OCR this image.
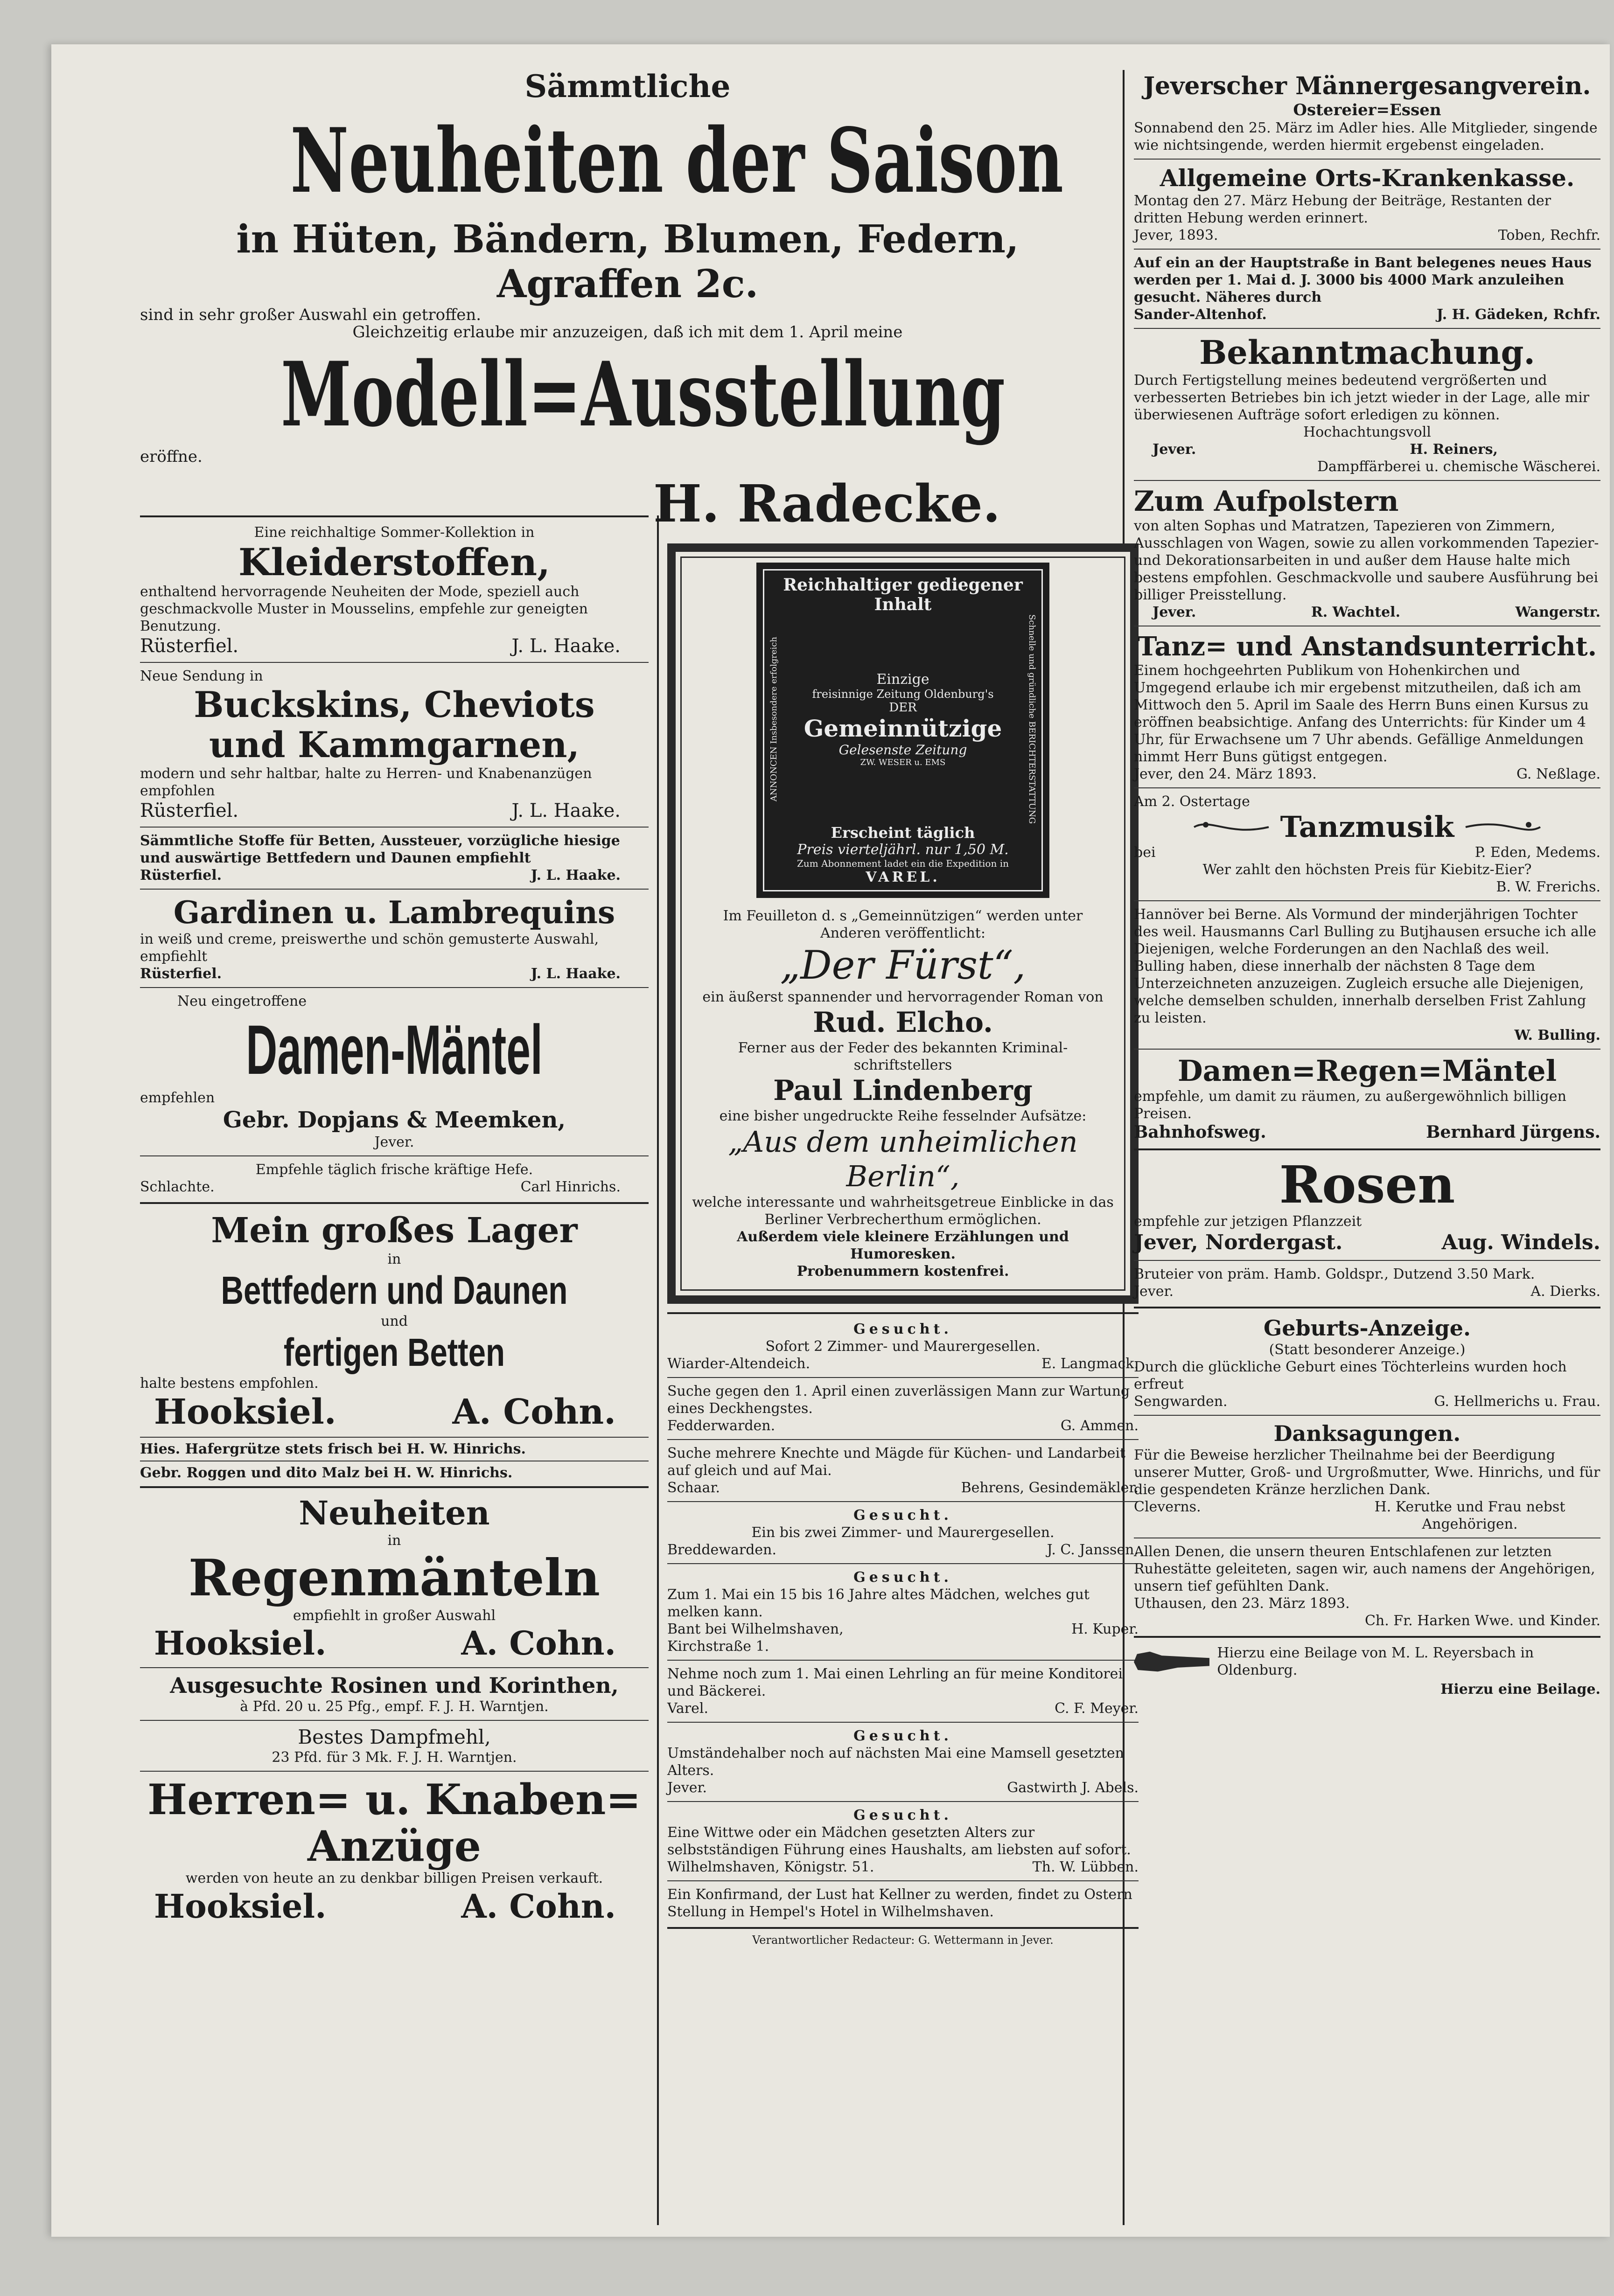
Sämmtliche
Neuheiten der Saison
in Hüten, Bändern, Blumen, Federn, Agraffen 2c.
sind in sehr großer Auswahl ein getroffen.
Gleichzeitig erlaube mir anzuzeigen, daß ich mit dem 1. April meine
Modell=Ausstellung
eröffne.
H. Radecke.
Eine reichhaltige Sommer-Kollektion in
Kleiderstoffen,
enthaltend hervorragende Neuheiten der Mode, speziell auch geschmackvolle Muster in Mousselins, empfehle zur geneigten Benutzung.
Rüsterfiel.	J. L. Haake.
Neue Sendung in
Buckskins, Cheviots
und Kammgarnen,
modern und sehr haltbar, halte zu Herren- und Knabenanzügen empfohlen
Rüsterfiel.	J. L. Haake.
Sämmtliche Stoffe für Betten, Aussteuer, vorzügliche hiesige und auswärtige Bettfedern und Daunen empfiehlt
Rüsterfiel.	J. L. Haake.
Gardinen u. Lambrequins
in weiß und creme, preiswerthe und schön gemusterte Auswahl, empfiehlt
Rüsterfiel.	J. L. Haake.
Neu eingetroffene
Damen-Mäntel
empfehlen
Gebr. Dopjans & Meemken,
Jever.
Empfehle täglich frische kräftige Hefe.
Schlachte.	Carl Hinrichs.
Mein großes Lager
in
Bettfedern und Daunen
und
fertigen Betten
halte bestens empfohlen.
Hooksiel.	A. Cohn.
Hies. Hafergrütze stets frisch bei H. W. Hinrichs.
Gebr. Roggen und dito Malz bei H. W. Hinrichs.
Neuheiten
in
Regenmänteln
empfiehlt in großer Auswahl
Hooksiel.	A. Cohn.
Ausgesuchte Rosinen und Korinthen,
à Pfd. 20 u. 25 Pfg., empf. F. J. H. Warntjen.
Bestes Dampfmehl,
23 Pfd. für 3 Mk. F. J. H. Warntjen.
Herren= u. Knaben=
Anzüge
werden von heute an zu denkbar billigen Preisen verkauft.
Hooksiel.	A. Cohn.
Reichhaltiger gediegener Inhalt
ANNONCEN Insbesondere erfolgreich	Einzige
freisinnige Zeitung Oldenburg's
DER
Gemeinnützige
Gelesenste Zeitung
ZW. WESER u. EMS	Schnelle und gründliche BERICHTERSTATTUNG
Erscheint täglich
Preis vierteljährl. nur 1,50 M.
Zum Abonnement ladet ein die Expedition in
VAREL.
Im Feuilleton d. s „Gemeinnützigen“ werden unter Anderen veröffentlicht:
„Der Fürst“,
ein äußerst spannender und hervorragender Roman von
Rud. Elcho.
Ferner aus der Feder des bekannten Kriminal-schriftstellers
Paul Lindenberg
eine bisher ungedruckte Reihe fesselnder Aufsätze:
„Aus dem unheimlichen Berlin“,
welche interessante und wahrheitsgetreue Einblicke in das Berliner Verbrecherthum ermöglichen.
Außerdem viele kleinere Erzählungen und Humoresken.
Probenummern kostenfrei.
Gesucht.
Sofort 2 Zimmer- und Maurergesellen.
Wiarder-Altendeich.	E. Langmack.
Suche gegen den 1. April einen zuverlässigen Mann zur Wartung eines Deckhengstes.
Fedderwarden.	G. Ammen.
Suche mehrere Knechte und Mägde für Küchen- und Landarbeit auf gleich und auf Mai.
Schaar.	Behrens, Gesindemäkler.
Gesucht.
Ein bis zwei Zimmer- und Maurergesellen.
Breddewarden.	J. C. Janssen.
Gesucht.
Zum 1. Mai ein 15 bis 16 Jahre altes Mädchen, welches gut melken kann.
Bant bei Wilhelmshaven, Kirchstraße 1.
H. Kuper.
Nehme noch zum 1. Mai einen Lehrling an für meine Konditorei und Bäckerei.
Varel.	C. F. Meyer.
Gesucht.
Umständehalber noch auf nächsten Mai eine Mamsell gesetzten Alters.
Jever.	Gastwirth J. Abels.
Gesucht.
Eine Wittwe oder ein Mädchen gesetzten Alters zur selbstständigen Führung eines Haushalts, am liebsten auf sofort.
Wilhelmshaven, Königstr. 51.	Th. W. Lübben.
Ein Konfirmand, der Lust hat Kellner zu werden, findet zu Ostern Stellung in Hempel's Hotel in Wilhelmshaven.
Verantwortlicher Redacteur: G. Wettermann in Jever.
Jeverscher Männergesangverein.
Ostereier=Essen
Sonnabend den 25. März im Adler hies. Alle Mitglieder, singende wie nichtsingende, werden hiermit ergebenst eingeladen.
Allgemeine Orts-Krankenkasse.
Montag den 27. März Hebung der Beiträge, Restanten der dritten Hebung werden erinnert.
Jever, 1893.	Toben, Rechfr.
Auf ein an der Hauptstraße in Bant belegenes neues Haus werden per 1. Mai d. J. 3000 bis 4000 Mark anzuleihen gesucht. Näheres durch
Sander-Altenhof.	J. H. Gädeken, Rchfr.
Bekanntmachung.
Durch Fertigstellung meines bedeutend vergrößerten und verbesserten Betriebes bin ich jetzt wieder in der Lage, alle mir überwiesenen Aufträge sofort erledigen zu können.
Hochachtungsvoll
Jever.	H. Reiners,
Dampffärberei u. chemische Wäscherei.
Zum Aufpolstern
von alten Sophas und Matratzen, Tapezieren von Zimmern, Ausschlagen von Wagen, sowie zu allen vorkommenden Tapezier- und Dekorationsarbeiten in und außer dem Hause halte mich bestens empfohlen. Geschmackvolle und saubere Ausführung bei billiger Preisstellung.
Jever.	R. Wachtel.	Wangerstr.
Tanz= und Anstandsunterricht.
Einem hochgeehrten Publikum von Hohenkirchen und Umgegend erlaube ich mir ergebenst mitzutheilen, daß ich am Mittwoch den 5. April im Saale des Herrn Buns einen Kursus zu eröffnen beabsichtige. Anfang des Unterrichts: für Kinder um 4 Uhr, für Erwachsene um 7 Uhr abends. Gefällige Anmeldungen nimmt Herr Buns gütigst entgegen.
Jever, den 24. März 1893.	G. Neßlage.
Am 2. Ostertage
Tanzmusik
bei	P. Eden, Medems.
Wer zahlt den höchsten Preis für Kiebitz-Eier?
B. W. Frerichs.
Hannöver bei Berne. Als Vormund der minderjährigen Tochter des weil. Hausmanns Carl Bulling zu Butjhausen ersuche ich alle Diejenigen, welche Forderungen an den Nachlaß des weil. Bulling haben, diese innerhalb der nächsten 8 Tage dem Unterzeichneten anzuzeigen. Zugleich ersuche alle Diejenigen, welche demselben schulden, innerhalb derselben Frist Zahlung zu leisten.
W. Bulling.
Damen=Regen=Mäntel
empfehle, um damit zu räumen, zu außergewöhnlich billigen Preisen.
Bahnhofsweg.	Bernhard Jürgens.
Rosen
empfehle zur jetzigen Pflanzzeit
Jever, Nordergast.	Aug. Windels.
Bruteier von präm. Hamb. Goldspr., Dutzend 3.50 Mark.
Jever.	A. Dierks.
Geburts-Anzeige.
(Statt besonderer Anzeige.)
Durch die glückliche Geburt eines Töchterleins wurden hoch erfreut
Sengwarden.	G. Hellmerichs u. Frau.
Danksagungen.
Für die Beweise herzlicher Theilnahme bei der Beerdigung unserer Mutter, Groß- und Urgroßmutter, Wwe. Hinrichs, und für die gespendeten Kränze herzlichen Dank.
Cleverns.	H. Kerutke und Frau nebst Angehörigen.
Allen Denen, die unsern theuren Entschlafenen zur letzten Ruhestätte geleiteten, sagen wir, auch namens der Angehörigen, unsern tief gefühlten Dank.
Uthausen, den 23. März 1893.
Ch. Fr. Harken Wwe. und Kinder.
Hierzu eine Beilage von M. L. Reyersbach in Oldenburg.
Hierzu eine Beilage.
